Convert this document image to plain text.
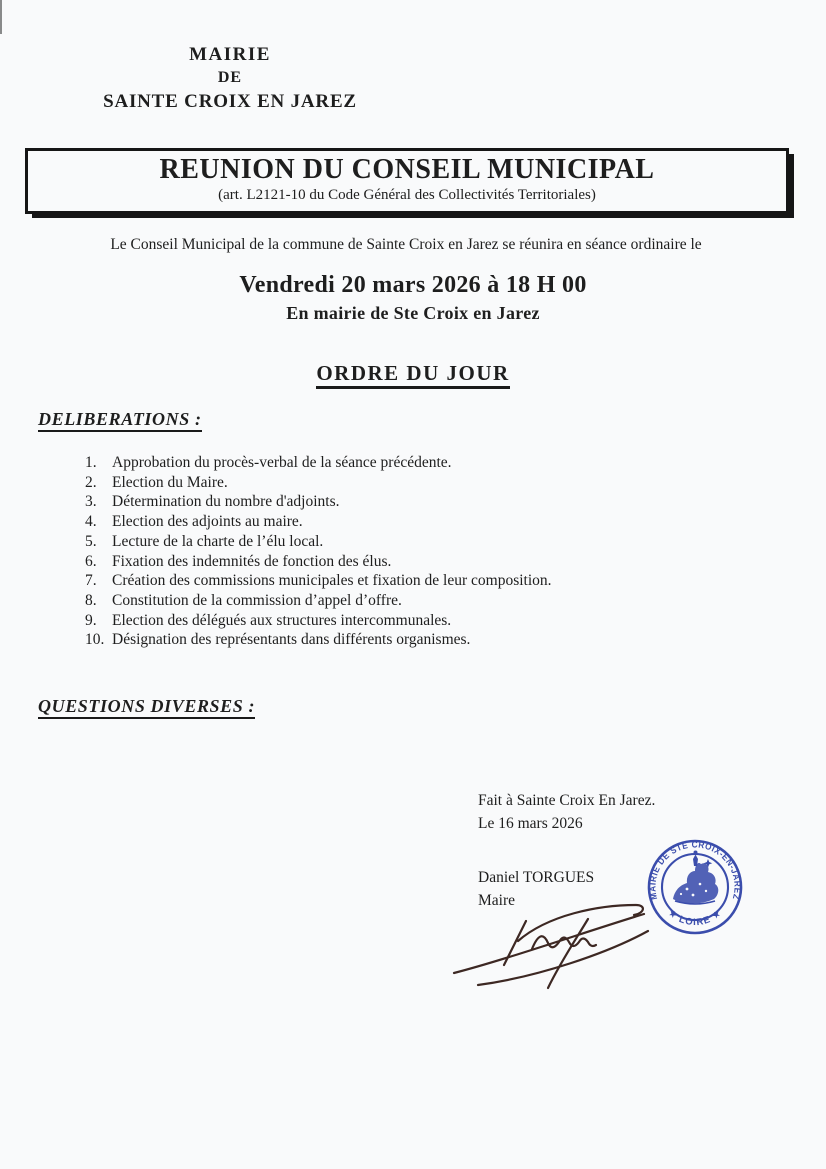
MAIRIE
DE
SAINTE CROIX EN JAREZ
REUNION DU CONSEIL MUNICIPAL
(art. L2121-10 du Code Général des Collectivités Territoriales)
Le Conseil Municipal de la commune de Sainte Croix en Jarez se réunira en séance ordinaire le
Vendredi 20 mars 2026 à 18 H 00
En mairie de Ste Croix en Jarez
ORDRE DU JOUR
DELIBERATIONS :
1. Approbation du procès-verbal de la séance précédente.
2. Election du Maire.
3. Détermination du nombre d'adjoints.
4. Election des adjoints au maire.
5. Lecture de la charte de l’élu local.
6. Fixation des indemnités de fonction des élus.
7. Création des commissions municipales et fixation de leur composition.
8. Constitution de la commission d’appel d’offre.
9. Election des délégués aux structures intercommunales.
10. Désignation des représentants dans différents organismes.
QUESTIONS DIVERSES :
Fait à Sainte Croix En Jarez.
Le 16 mars 2026
Daniel TORGUES
Maire	MAIRIE DE STE CROIX-EN-JAREZ
★ LOIRE ★
